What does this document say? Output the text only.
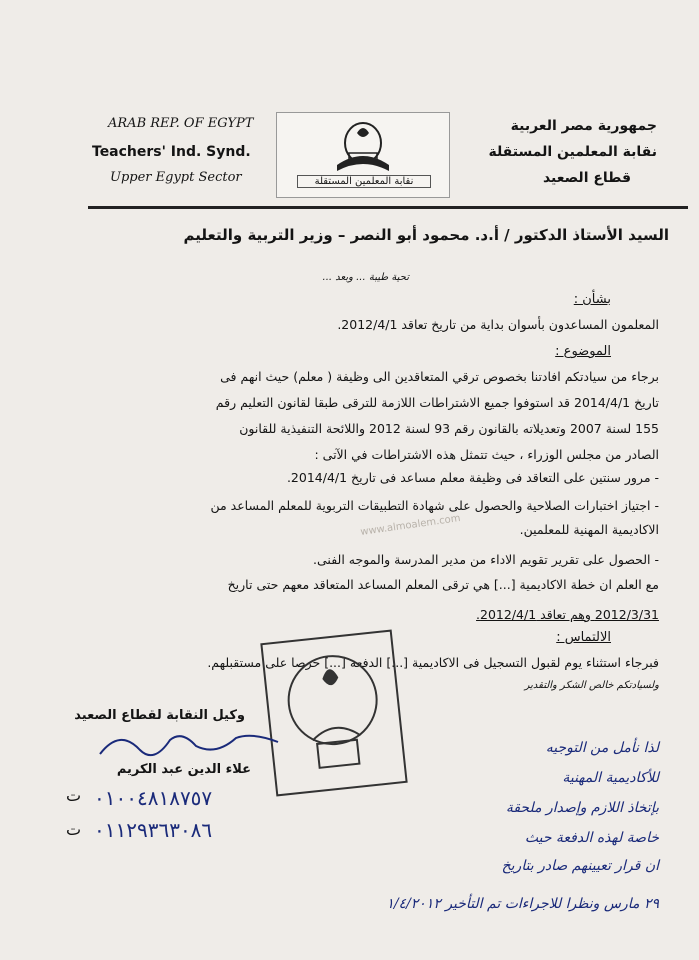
ARAB REP. OF EGYPT
Teachers' Ind. Synd.
Upper Egypt Sector	نقابة المعلمين المستقلة
جمهورية مصر العربية
نقابة المعلمين المستقلة
قطاع الصعيد
السيد الأستاذ الدكتور / أ.د. محمود أبو النصر – وزير التربية والتعليم
تحية طيبة ... وبعد ...
بشأن :
المعلمون المساعدون بأسوان بداية من تاريخ تعاقد 2012/4/1.
الموضوع :
برجاء من سيادتكم افادتنا بخصوص ترقي المتعاقدين الى وظيفة ( معلم) حيث انهم فى
تاريخ 2014/4/1 قد استوفوا جميع الاشتراطات اللازمة للترقى طبقا لقانون التعليم رقم
155 لسنة 2007 وتعديلاته بالقانون رقم 93 لسنة 2012 واللائحة التنفيذية للقانون
الصادر من مجلس الوزراء ، حيث تتمثل هذه الاشتراطات في الآتى :
- مرور سنتين على التعاقد فى وظيفة معلم مساعد فى تاريخ 2014/4/1.
- اجتياز اختبارات الصلاحية والحصول على شهادة التطبيقات التربوية للمعلم المساعد من
الاكاديمية المهنية للمعلمين.
- الحصول على تقرير تقويم الاداء من مدير المدرسة والموجه الفنى.
مع العلم ان خطة الاكاديمية [...] هي ترقى المعلم المساعد المتعاقد معهم حتى تاريخ
2012/3/31 وهم تعاقد 2012/4/1.
الالتماس :
فبرجاء استثناء يوم لقبول التسجيل فى الاكاديمية [...] الدفعة [...] حرصا على مستقبلهم.
ولسيادتكم خالص الشكر والتقدير
وكيل النقابة لقطاع الصعيد
علاء الدين عبد الكريم
٠١٠٠٤٨١٨٧٥٧
٠١١٢٩٣٦٣٠٨٦
ت
ت
لذا نأمل من التوجيه
للأكاديمية المهنية
بإتخاذ اللازم وإصدار ملحقة
خاصة لهذه الدفعة حيث
ان قرار تعيينهم صادر بتاريخ
٢٩ مارس ونظرا للاجراءات تم التأخير ١/٤/٢٠١٢
www.almoalem.com
